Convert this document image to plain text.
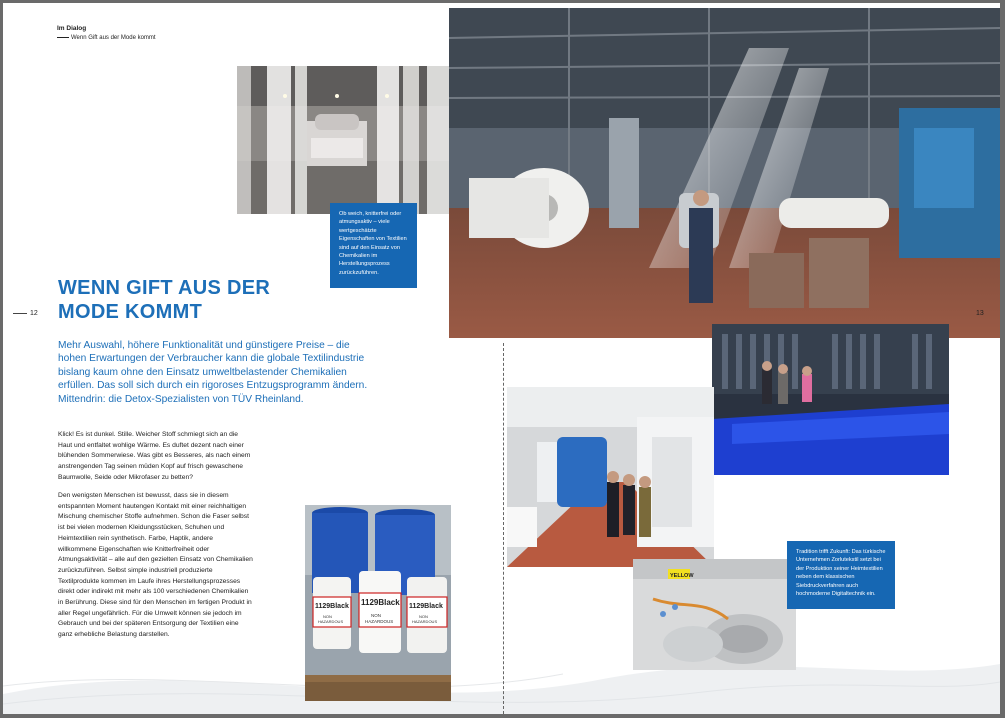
Im Dialog
Wenn Gift aus der Mode kommt
12
WENN GIFT AUS DER
MODE KOMMT
Mehr Auswahl, höhere Funktionalität und günstigere Preise – die hohen Erwartungen der Verbraucher kann die globale Textilindustrie bislang kaum ohne den Einsatz umweltbelastender Chemikalien erfüllen. Das soll sich durch ein rigoroses Entzugsprogramm ändern. Mittendrin: die Detox-Spezialisten von TÜV Rheinland.

Klick! Es ist dunkel. Stille. Weicher Stoff schmiegt sich an die Haut und entfaltet wohlige Wärme. Es duftet dezent nach einer blühenden Sommerwiese. Was gibt es Besseres, als nach einem anstrengenden Tag seinen müden Kopf auf frisch gewaschene Baumwolle, Seide oder Mikrofaser zu betten?

Den wenigsten Menschen ist bewusst, dass sie in diesem entspannten Moment hautengen Kontakt mit einer reichhaltigen Mischung chemischer Stoffe aufnehmen. Schon die Faser selbst ist bei vielen modernen Kleidungsstücken, Schuhen und Heimtextilien rein synthetisch. Farbe, Haptik, andere willkommene Eigenschaften wie Knitterfreiheit oder Atmungsaktivität – alle auf den gezielten Einsatz von Chemikalien zurückzuführen. Selbst simple industriell produzierte Textilprodukte kommen im Laufe ihres Herstellungsprozesses direkt oder indirekt mit mehr als 100 verschiedenen Chemikalien in Berührung. Diese sind für den Menschen im fertigen Produkt in aller Regel ungefährlich. Für die Umwelt können sie jedoch im Gebrauch und bei der späteren Entsorgung der Textilien eine ganz erhebliche Belastung darstellen.

1129Black 1129Black 1129Black
NON
HAZARDOUS
NON
HAZARDOUS
NON
HAZARDOUS
Ob weich, knitterfrei oder atmungsaktiv – viele wertgeschätzte Eigenschaften von Textilien sind auf den Einsatz von Chemikalien im Herstellungsprozess zurückzuführen.
YELLOW
Tradition trifft Zukunft: Das türkische Unternehmen Zorlutekstil setzt bei der Produktion seiner Heimtextilien neben dem klassischen Siebdruckverfahren auch hochmoderne Digitaltechnik ein.
13
